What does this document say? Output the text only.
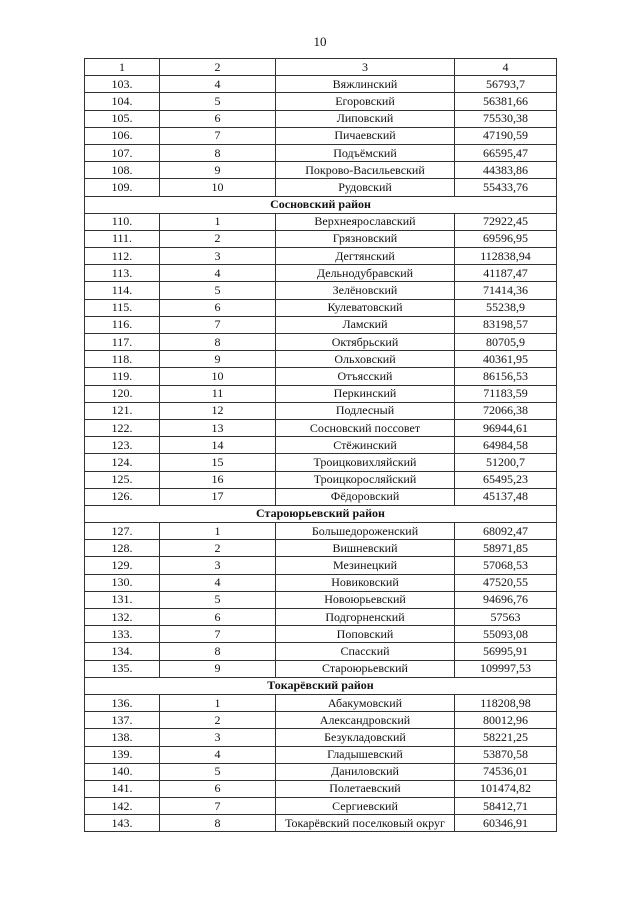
10
1	2	3	4
103.	4	Вяжлинский	56793,7
104.	5	Егоровский	56381,66
105.	6	Липовский	75530,38
106.	7	Пичаевский	47190,59
107.	8	Подъёмский	66595,47
108.	9	Покрово-Васильевский	44383,86
109.	10	Рудовский	55433,76
Сосновский район			
110.	1	Верхнеярославский	72922,45
111.	2	Грязновский	69596,95
112.	3	Дегтянский	112838,94
113.	4	Дельнодубравский	41187,47
114.	5	Зелёновский	71414,36
115.	6	Кулеватовский	55238,9
116.	7	Ламский	83198,57
117.	8	Октябрьский	80705,9
118.	9	Ольховский	40361,95
119.	10	Отъясский	86156,53
120.	11	Перкинский	71183,59
121.	12	Подлесный	72066,38
122.	13	Сосновский поссовет	96944,61
123.	14	Стёжинский	64984,58
124.	15	Троицковихляйский	51200,7
125.	16	Троицкоросляйский	65495,23
126.	17	Фёдоровский	45137,48
Староюрьевский район			
127.	1	Большедороженский	68092,47
128.	2	Вишневский	58971,85
129.	3	Мезинецкий	57068,53
130.	4	Новиковский	47520,55
131.	5	Новоюрьевский	94696,76
132.	6	Подгорненский	57563
133.	7	Поповский	55093,08
134.	8	Спасский	56995,91
135.	9	Староюрьевский	109997,53
Токарёвский район			
136.	1	Абакумовский	118208,98
137.	2	Александровский	80012,96
138.	3	Безукладовский	58221,25
139.	4	Гладышевский	53870,58
140.	5	Даниловский	74536,01
141.	6	Полетаевский	101474,82
142.	7	Сергиевский	58412,71
143.	8	Токарёвский поселковый округ	60346,91
